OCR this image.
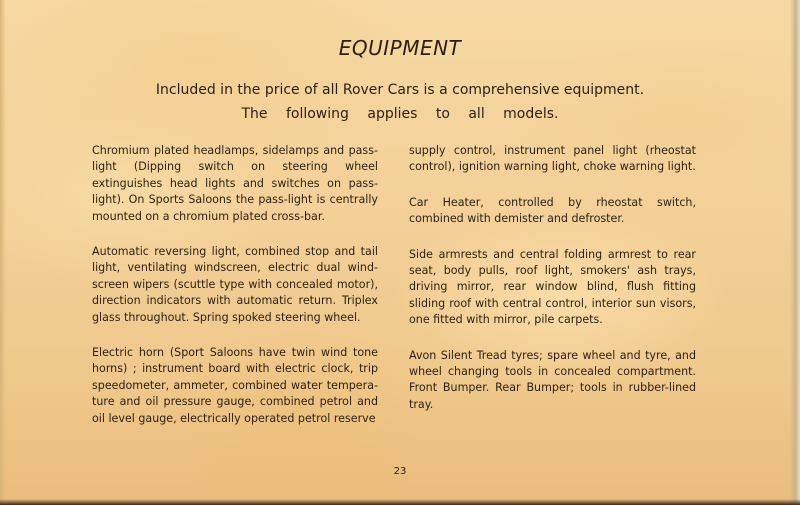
EQUIPMENT

Included in the price of all Rover Cars is a comprehensive equipment.
The following applies to all models.

Chromium plated headlamps, sidelamps and pass-light (Dipping switch on steering wheel extinguishes head lights and switches on pass-light). On Sports Saloons the pass-light is centrally mounted on a chromium plated cross-bar.

Automatic reversing light, combined stop and tail light, ventilating windscreen, electric dual wind-screen wipers (scuttle type with concealed motor), direction indicators with automatic return. Triplex glass throughout. Spring spoked steering wheel.

Electric horn (Sport Saloons have twin wind tone horns) ; instrument board with electric clock, trip speedometer, ammeter, combined water tempera-ture and oil pressure gauge, combined petrol and oil level gauge, electrically operated petrol reserve

supply control, instrument panel light (rheostat control), ignition warning light, choke warning light.

Car Heater, controlled by rheostat switch, combined with demister and defroster.

Side armrests and central folding armrest to rear seat, body pulls, roof light, smokers' ash trays, driving mirror, rear window blind, flush fitting sliding roof with central control, interior sun visors, one fitted with mirror, pile carpets.

Avon Silent Tread tyres; spare wheel and tyre, and wheel changing tools in concealed compartment. Front Bumper. Rear Bumper; tools in rubber-lined tray.

23
